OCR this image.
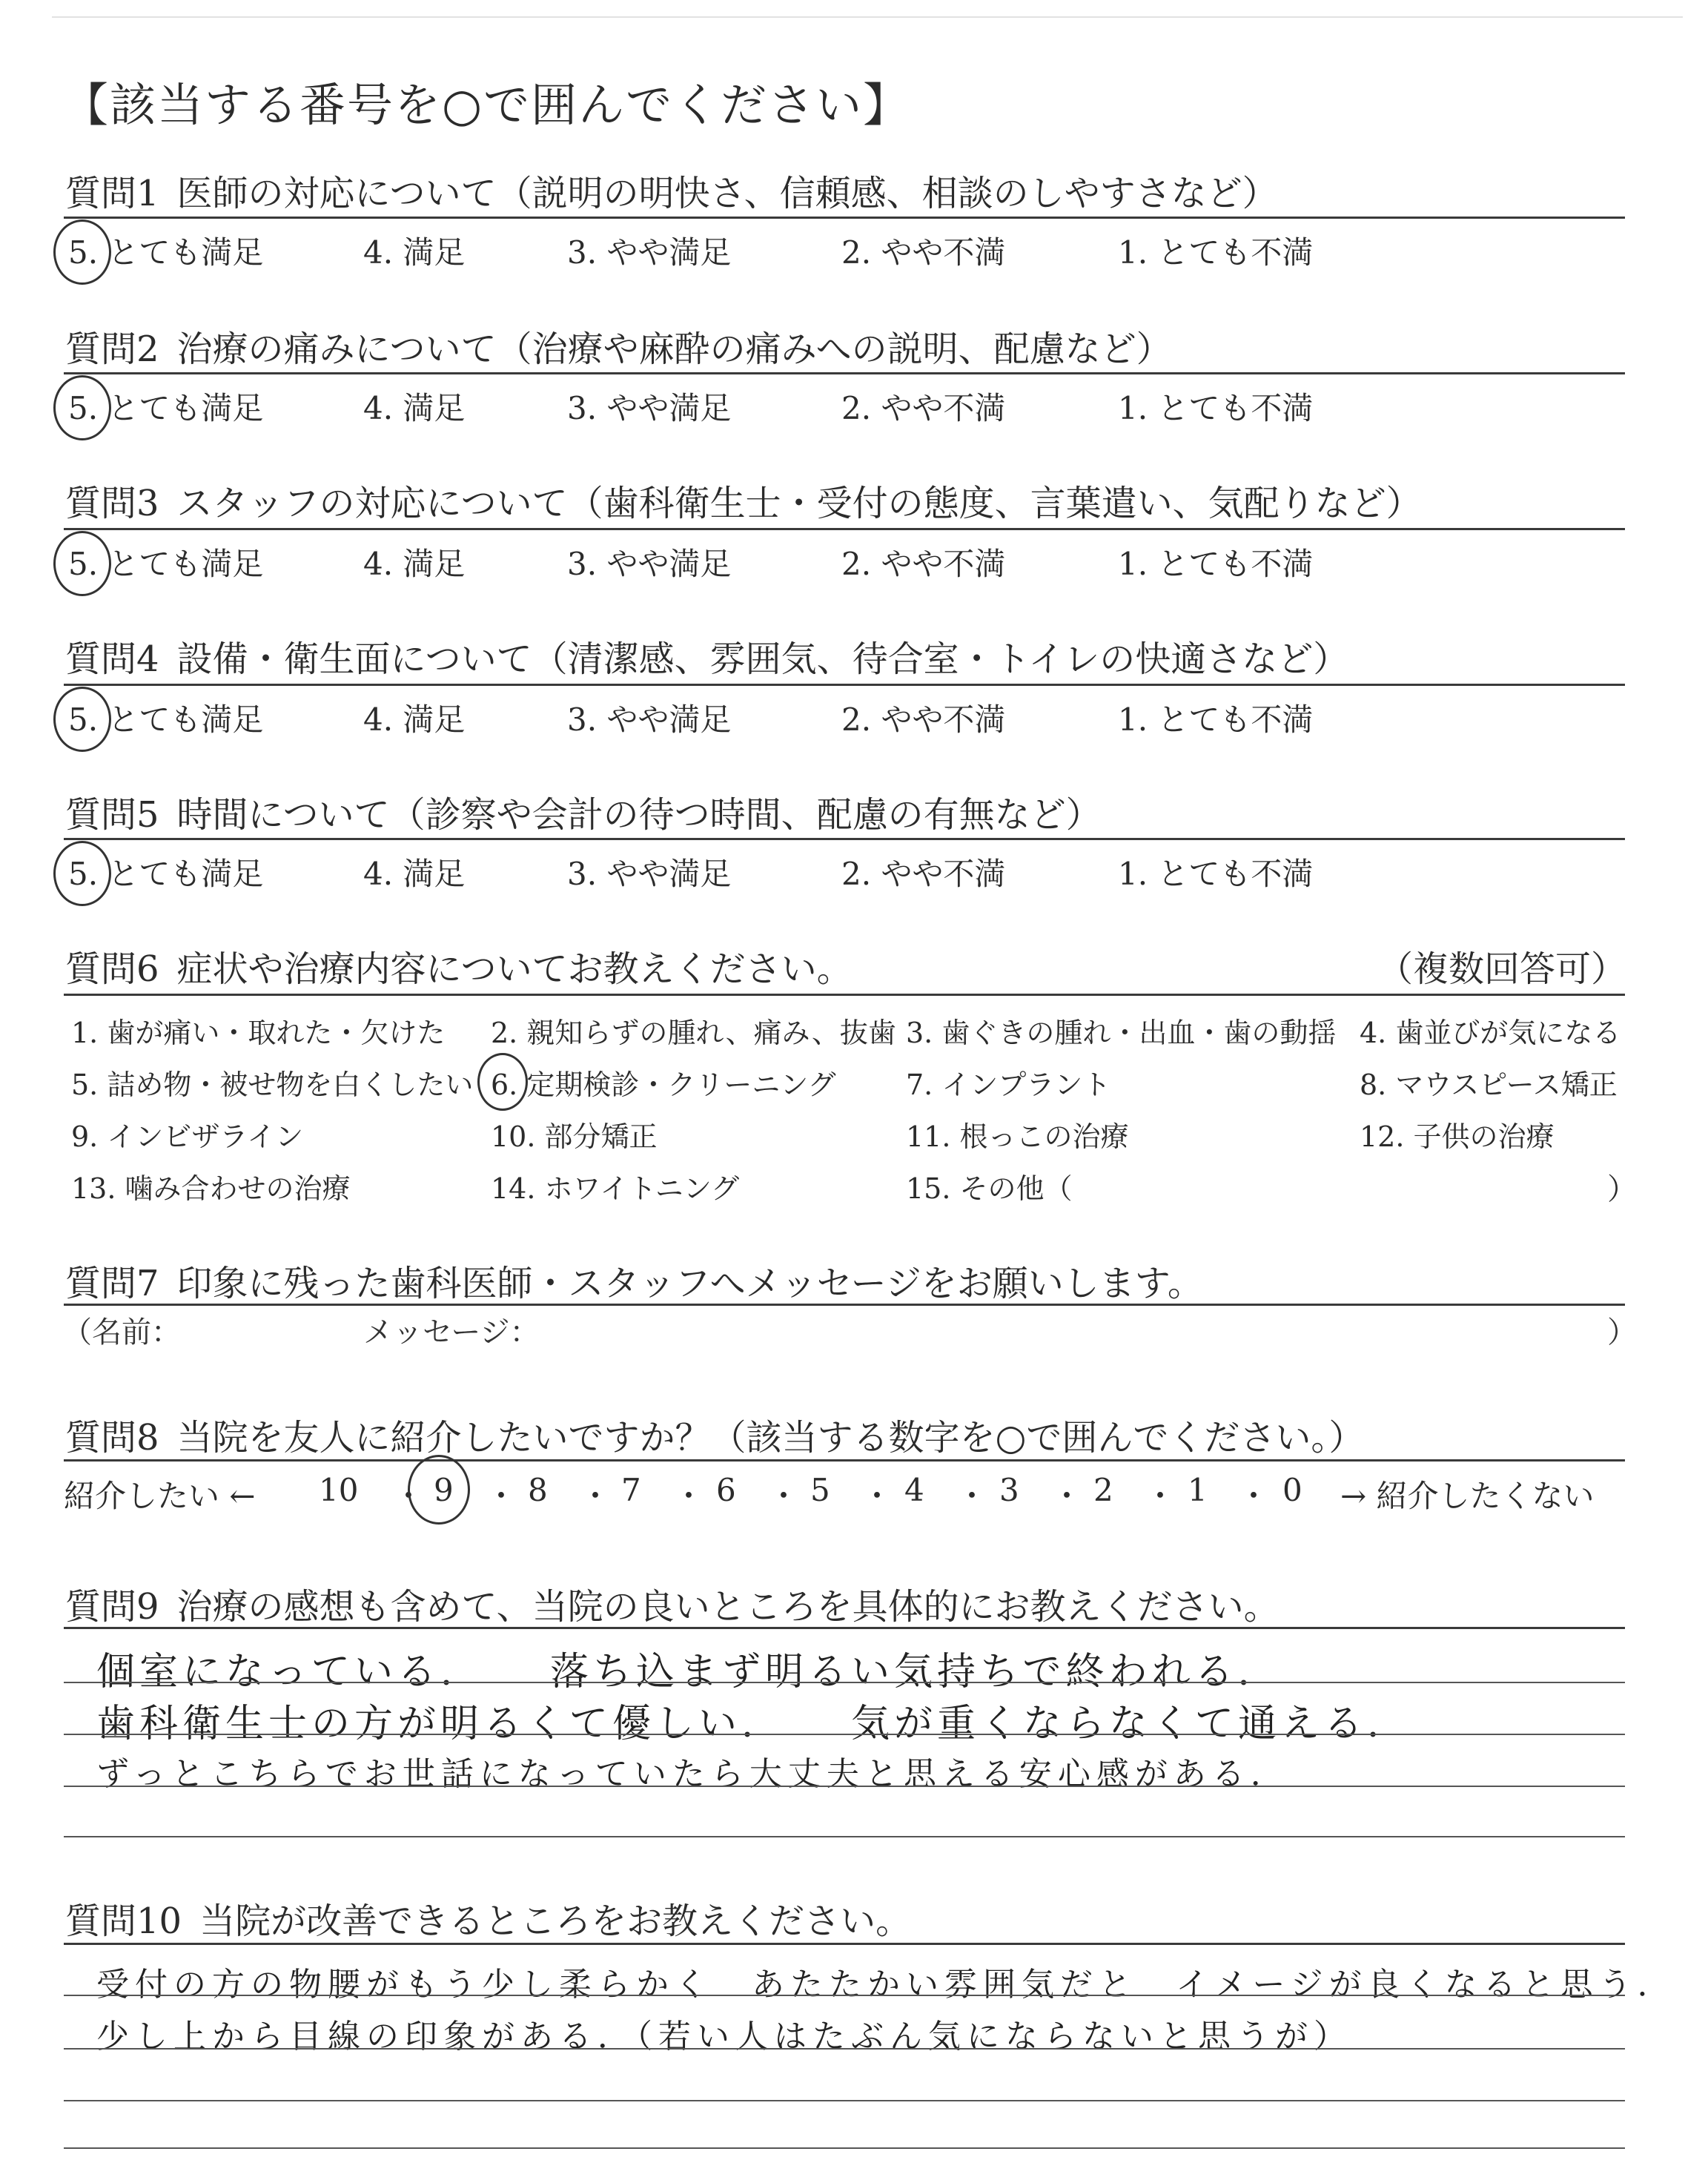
【該当する番号を○で囲んでください】
質問1 医師の対応について（説明の明快さ、信頼感、相談のしやすさなど）
5. とても満足	4. 満足	3. やや満足	2. やや不満	1. とても不満
質問2 治療の痛みについて（治療や麻酔の痛みへの説明、配慮など）
5. とても満足	4. 満足	3. やや満足	2. やや不満	1. とても不満
質問3 スタッフの対応について（歯科衛生士・受付の態度、言葉遣い、気配りなど）
5. とても満足	4. 満足	3. やや満足	2. やや不満	1. とても不満
質問4 設備・衛生面について（清潔感、雰囲気、待合室・トイレの快適さなど）
5. とても満足	4. 満足	3. やや満足	2. やや不満	1. とても不満
質問5 時間について（診察や会計の待つ時間、配慮の有無など）
5. とても満足	4. 満足	3. やや満足	2. やや不満	1. とても不満
質問6 症状や治療内容についてお教えください。	（複数回答可）
1. 歯が痛い・取れた・欠けた 2. 親知らずの腫れ、痛み、抜歯 3. 歯ぐきの腫れ・出血・歯の動揺 4. 歯並びが気になる
5. 詰め物・被せ物を白くしたい 6. 定期検診・クリーニング 7. インプラント	8. マウスピース矯正
9. インビザライン	10. 部分矯正	11. 根っこの治療	12. 子供の治療
13. 噛み合わせの治療	14. ホワイトニング	15. その他（	）
質問7 印象に残った歯科医師・スタッフへメッセージをお願いします。
（名前：	メッセージ：	）
質問8 当院を友人に紹介したいですか？（該当する数字を○で囲んでください。）
紹介したい ← 10 ・ 9 ・ 8 ・ 7 ・ 6 ・ 5 ・ 4 ・ 3 ・ 2 ・ 1 ・ 0 → 紹介したくない
質問9 治療の感想も含めて、当院の良いところを具体的にお教えください。
個室になっている．　　落ち込まず明るい気持ちで終われる．
歯科衛生士の方が明るくて優しい．　　気が重くならなくて通える．
ずっとこちらでお世話になっていたら大丈夫と思える安心感がある．
質問10 当院が改善できるところをお教えください。
受付の方の物腰がもう少し柔らかく　あたたかい雰囲気だと　イメージが良くなると思う．
少し上から目線の印象がある．（若い人はたぶん気にならないと思うが）
